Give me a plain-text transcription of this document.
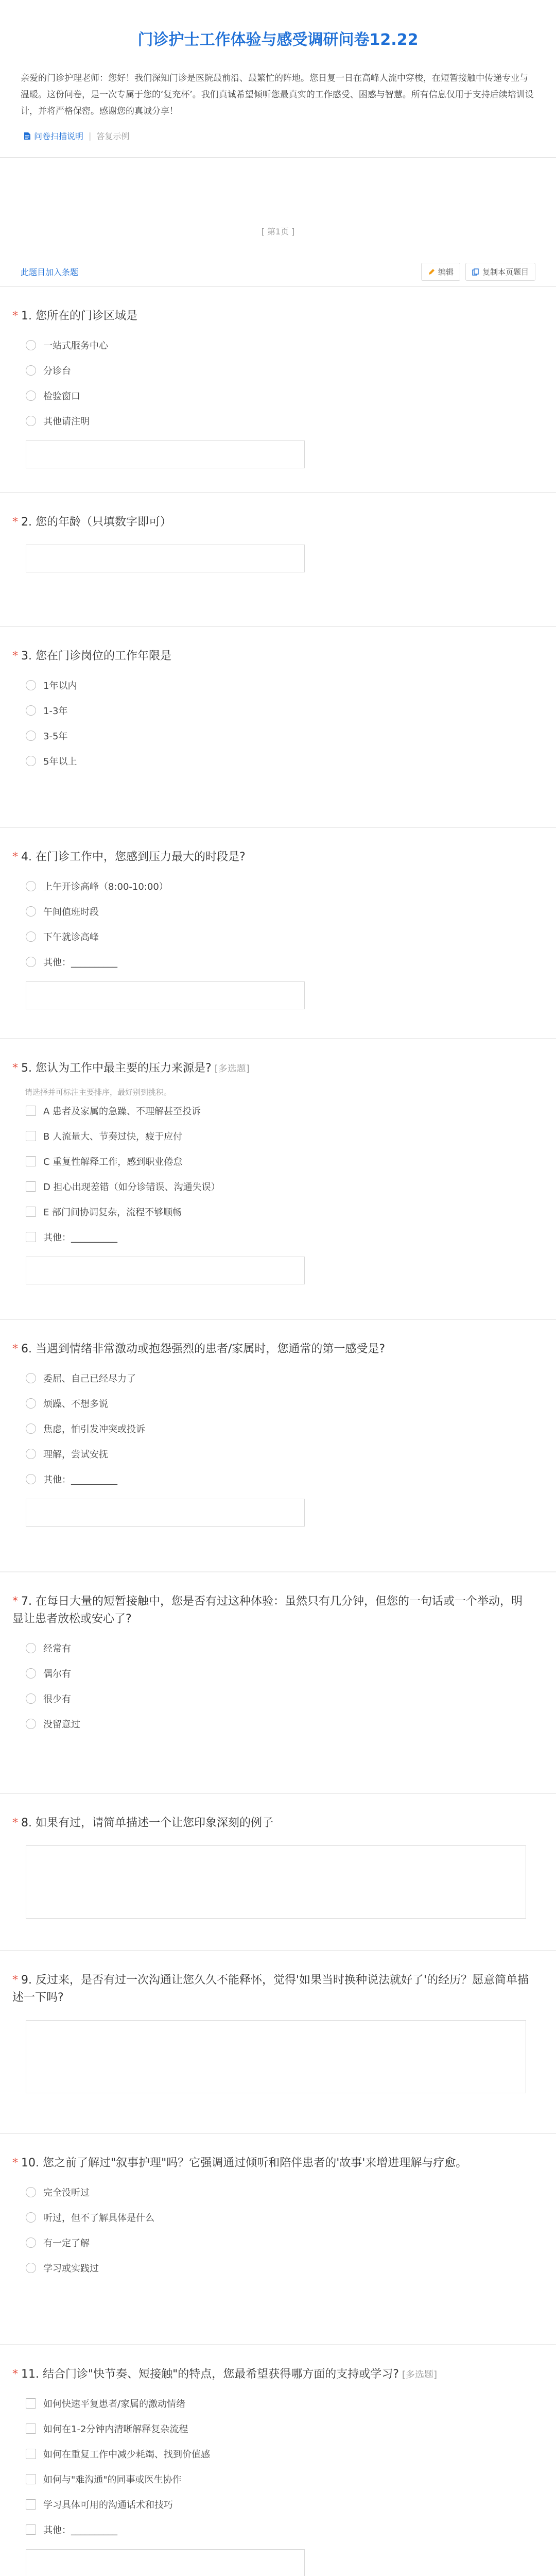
门诊护士工作体验与感受调研问卷12.22

亲爱的门诊护理老师：您好！我们深知门诊是医院最前沿、最繁忙的阵地。您日复一日在高峰人流中穿梭，在短暂接触中传递专业与温暖。这份问卷，是一次专属于您的‘复充杯’。我们真诚希望倾听您最真实的工作感受、困惑与智慧。所有信息仅用于支持后续培训设计，并将严格保密。感谢您的真诚分享！

问卷扫描说明 | 答复示例
[ 第1页 ]
此题目加入条题	编辑	复制本页题目
* 1. 您所在的门诊区域是
一站式服务中心
分诊台
检验窗口
其他请注明
* 2. 您的年龄（只填数字即可）
* 3. 您在门诊岗位的工作年限是
1年以内
1-3年
3-5年
5年以上
* 4. 在门诊工作中，您感到压力最大的时段是?
上午开诊高峰（8:00-10:00）
午间值班时段
下午就诊高峰
其他：__________
* 5. 您认为工作中最主要的压力来源是? [多选题]
请选择并可标注主要排序，最好别到挑积。
A 患者及家属的急躁、不理解甚至投诉
B 人流量大、节奏过快，疲于应付
C 重复性解释工作，感到职业倦怠
D 担心出现差错（如分诊错误、沟通失误）
E 部门间协调复杂，流程不够顺畅
其他：__________
* 6. 当遇到情绪非常激动或抱怨强烈的患者/家属时，您通常的第一感受是?
委屈、自己已经尽力了
烦躁、不想多说
焦虑，怕引发冲突或投诉
理解，尝试安抚
其他：__________
* 7. 在每日大量的短暂接触中，您是否有过这种体验：虽然只有几分钟，但您的一句话或一个举动，明显让患者放松或安心了?
经常有
偶尔有
很少有
没留意过
* 8. 如果有过，请简单描述一个让您印象深刻的例子
* 9. 反过来，是否有过一次沟通让您久久不能释怀，觉得'如果当时换种说法就好了'的经历？愿意简单描述一下吗?
* 10. 您之前了解过"叙事护理"吗？它强调通过倾听和陪伴患者的'故事'来增进理解与疗愈。
完全没听过
听过，但不了解具体是什么
有一定了解
学习或实践过
* 11. 结合门诊"快节奏、短接触"的特点，您最希望获得哪方面的支持或学习? [多选题]
如何快速平复患者/家属的激动情绪
如何在1-2分钟内清晰解释复杂流程
如何在重复工作中减少耗竭、找到价值感
如何与"难沟通"的同事或医生协作
学习具体可用的沟通话术和技巧
其他：__________
